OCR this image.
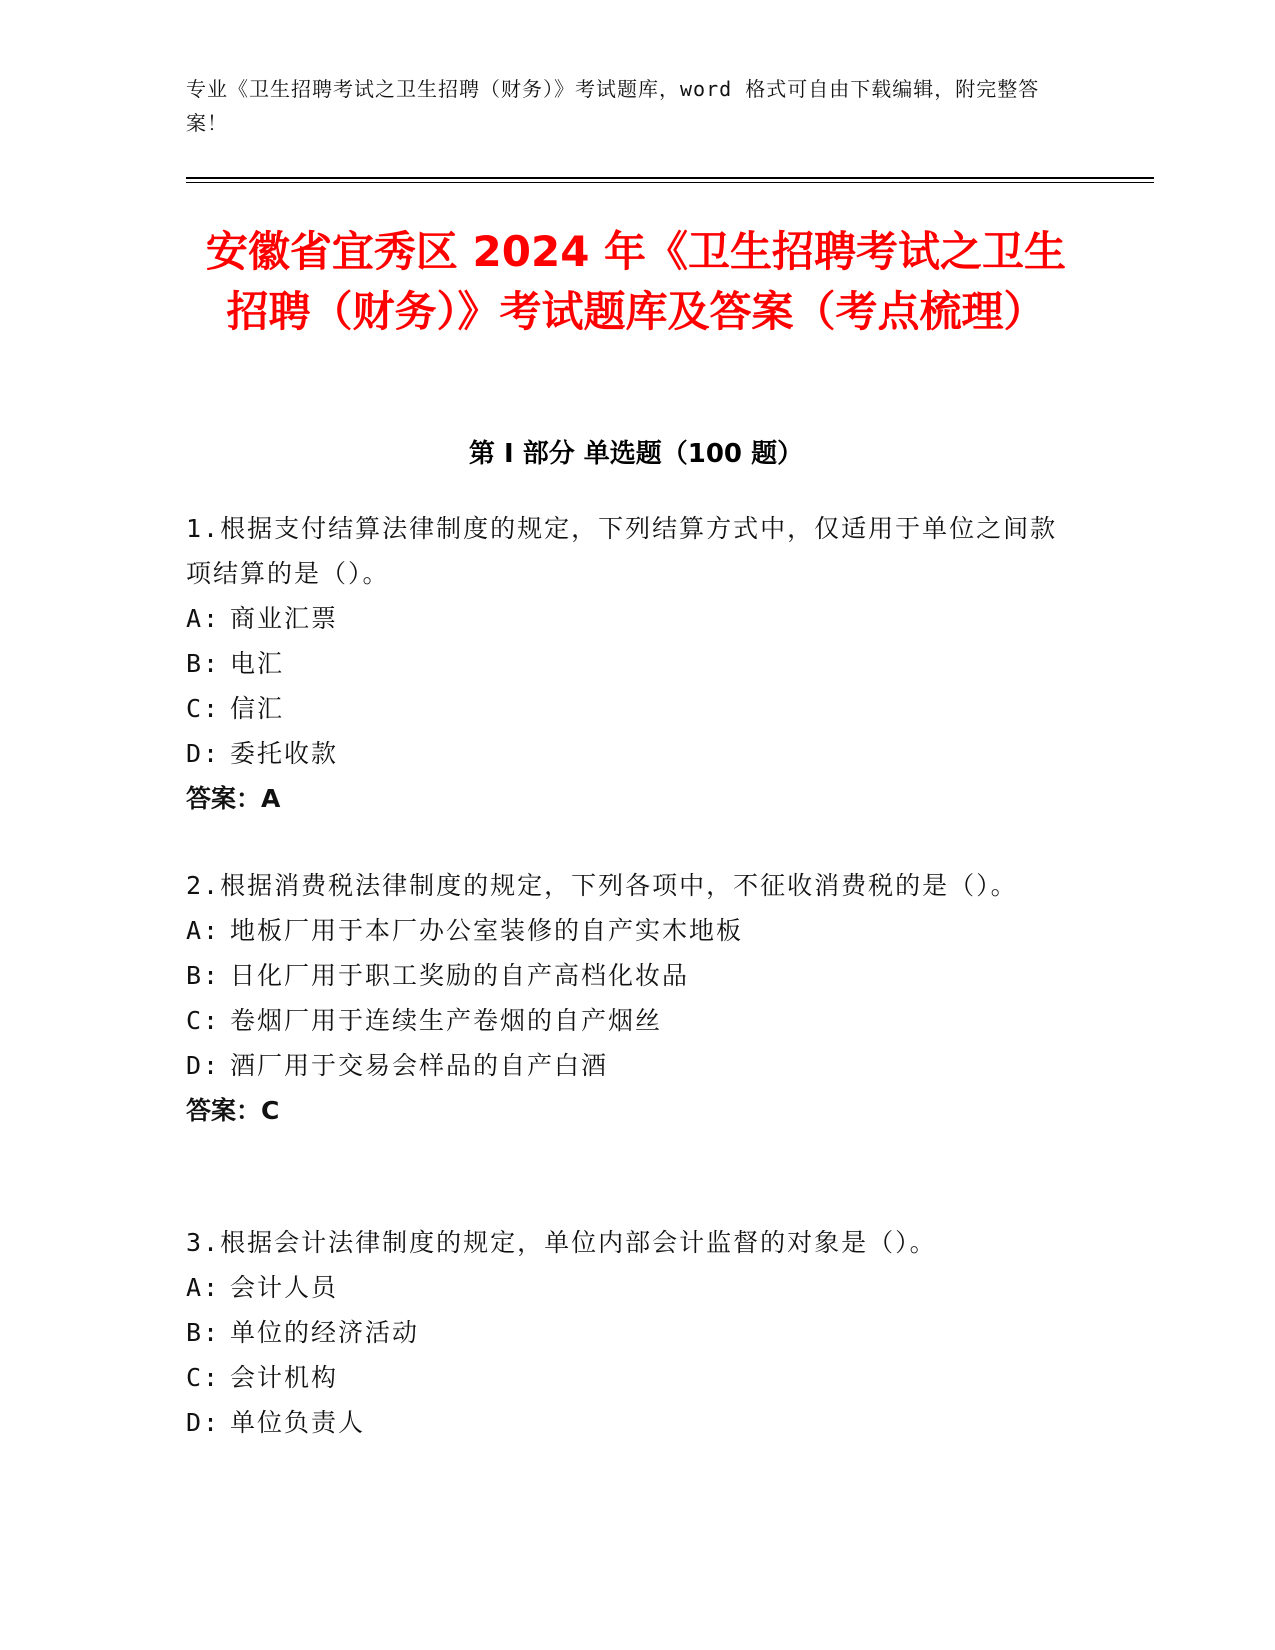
专业《卫生招聘考试之卫生招聘（财务）》考试题库，word 格式可自由下载编辑，附完整答案！
安徽省宜秀区 2024 年《卫生招聘考试之卫生招聘（财务）》考试题库及答案（考点梳理）
第 I 部分 单选题（100 题）
1.根据支付结算法律制度的规定，下列结算方式中，仅适用于单位之间款项结算的是（）。
A: 商业汇票
B: 电汇
C: 信汇
D: 委托收款
答案：A
2.根据消费税法律制度的规定，下列各项中，不征收消费税的是（）。
A: 地板厂用于本厂办公室装修的自产实木地板
B: 日化厂用于职工奖励的自产高档化妆品
C: 卷烟厂用于连续生产卷烟的自产烟丝
D: 酒厂用于交易会样品的自产白酒
答案：C
3.根据会计法律制度的规定，单位内部会计监督的对象是（）。
A: 会计人员
B: 单位的经济活动
C: 会计机构
D: 单位负责人
